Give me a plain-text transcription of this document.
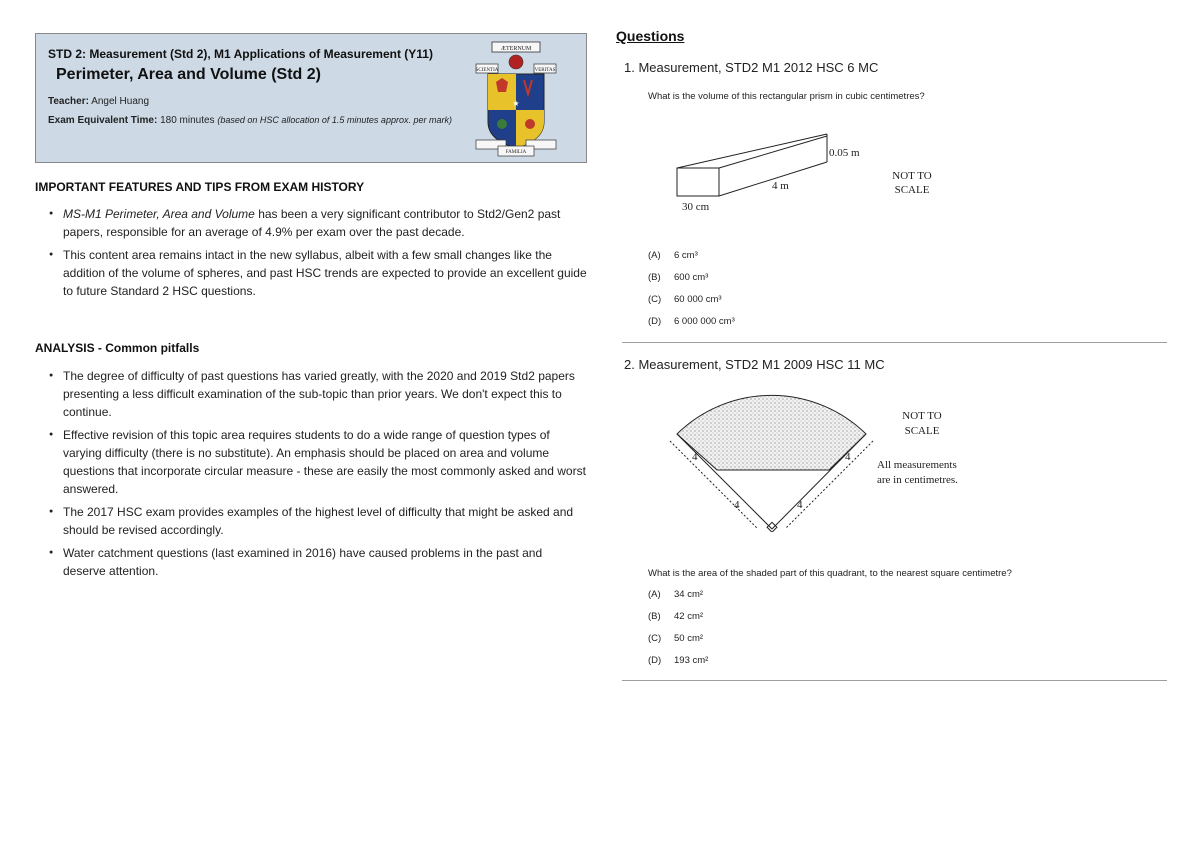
STD 2: Measurement (Std 2), M1 Applications of Measurement (Y11)
Perimeter, Area and Volume (Std 2)
Teacher: Angel Huang
Exam Equivalent Time: 180 minutes (based on HSC allocation of 1.5 minutes approx. per mark)
ÆTERNUM
SCIENTIA	VERITAS
★
FAMILIA
IMPORTANT FEATURES AND TIPS FROM EXAM HISTORY
● MS-M1 Perimeter, Area and Volume has been a very significant contributor to Std2/Gen2 past papers, responsible for an average of 4.9% per exam over the past decade.
● This content area remains intact in the new syllabus, albeit with a few small changes like the addition of the volume of spheres, and past HSC trends are expected to provide an excellent guide to future Standard 2 HSC questions.
ANALYSIS - Common pitfalls
● The degree of difficulty of past questions has varied greatly, with the 2020 and 2019 Std2 papers presenting a less difficult examination of the sub-topic than prior years. We don't expect this to continue.
● Effective revision of this topic area requires students to do a wide range of question types of varying difficulty (there is no substitute). An emphasis should be placed on area and volume questions that incorporate circular measure - these are easily the most commonly asked and worst answered.
● The 2017 HSC exam provides examples of the highest level of difficulty that might be asked and should be revised accordingly.
● Water catchment questions (last examined in 2016) have caused problems in the past and deserve attention.
Questions
1. Measurement, STD2 M1 2012 HSC 6 MC
What is the volume of this rectangular prism in cubic centimetres?
0.05 m
4 m
30 cm
NOT TO
SCALE
(A) 6 cm³
(B) 600 cm³
(C) 60 000 cm³
(D) 6 000 000 cm³
2. Measurement, STD2 M1 2009 HSC 11 MC
4
4
4
4
NOT TO
SCALE
All measurements
are in centimetres.
What is the area of the shaded part of this quadrant, to the nearest square centimetre?
(A) 34 cm²
(B) 42 cm²
(C) 50 cm²
(D) 193 cm²
